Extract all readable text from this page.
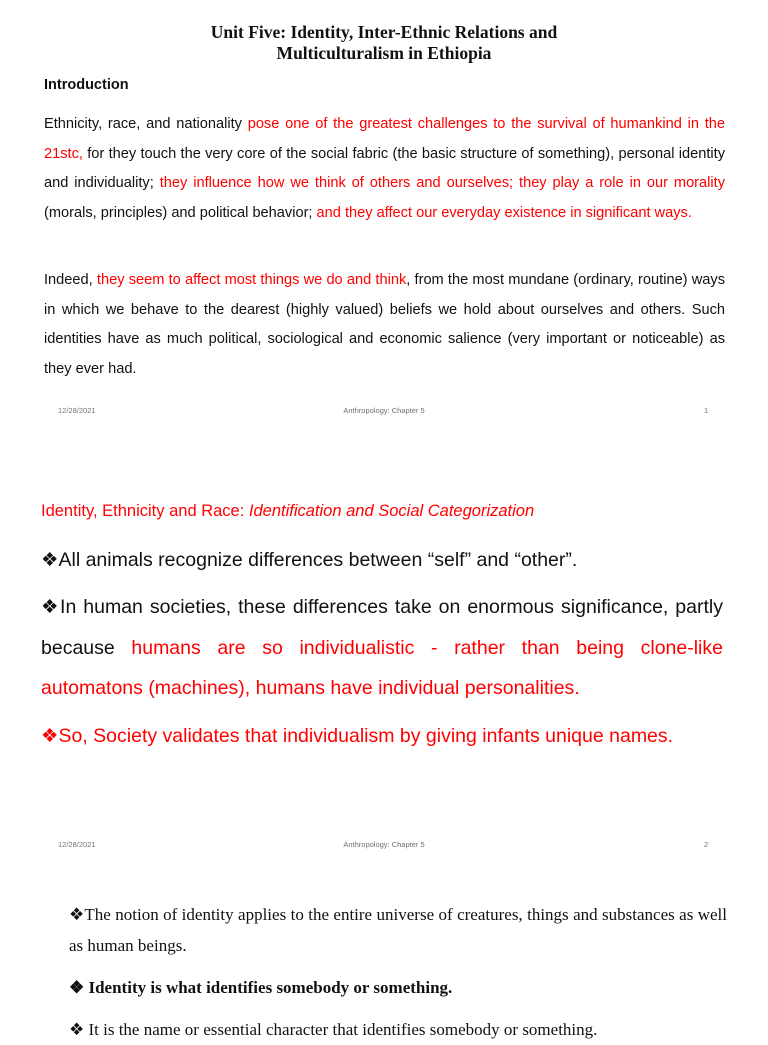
Unit Five: Identity, Inter-Ethnic Relations and
Multiculturalism in Ethiopia
Introduction
Ethnicity, race, and nationality pose one of the greatest challenges to the survival of humankind in the 21stc, for they touch the very core of the social fabric (the basic structure of something), personal identity and individuality; they influence how we think of others and ourselves; they play a role in our morality (morals, principles) and political behavior; and they affect our everyday existence in significant ways.
Indeed, they seem to affect most things we do and think, from the most mundane (ordinary, routine) ways in which we behave to the dearest (highly valued) beliefs we hold about ourselves and others. Such identities have as much political, sociological and economic salience (very important or noticeable) as they ever had.
12/28/2021	Anthropology: Chapter 5	1
Identity, Ethnicity and Race: Identification and Social Categorization
❖All animals recognize differences between “self” and “other”.
❖In human societies, these differences take on enormous significance, partly because humans are so individualistic - rather than being clone-like automatons (machines), humans have individual personalities.
❖So, Society validates that individualism by giving infants unique names.
12/28/2021	Anthropology: Chapter 5	2
❖The notion of identity applies to the entire universe of creatures, things and substances as well as human beings.
❖ Identity is what identifies somebody or something.
❖ It is the name or essential character that identifies somebody or something.
